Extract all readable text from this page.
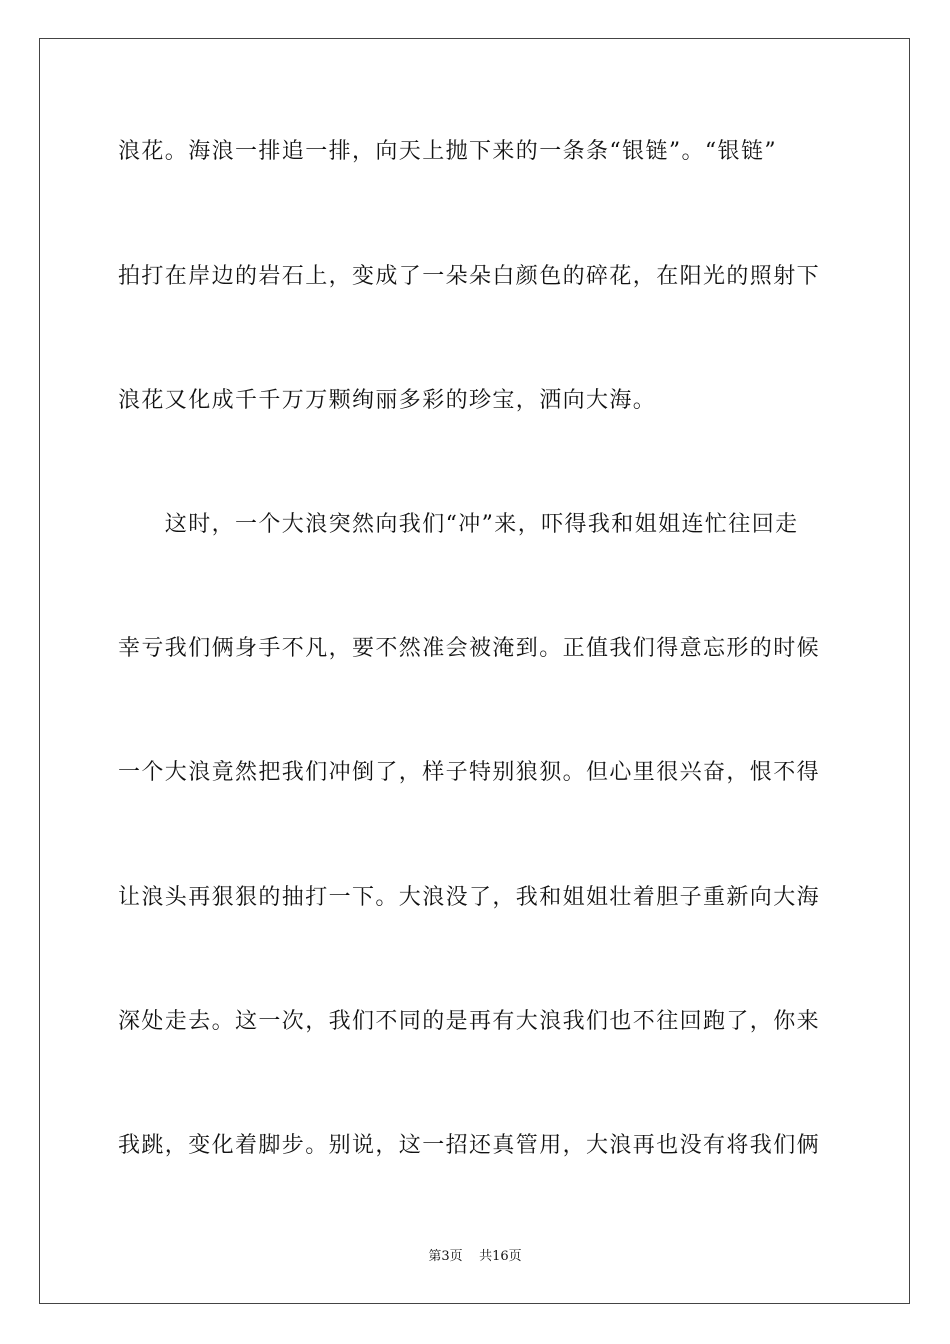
浪花。海浪一排追一排，向天上抛下来的一条条“银链”。“银链”
拍打在岸边的岩石上，变成了一朵朵白颜色的碎花，在阳光的照射下
浪花又化成千千万万颗绚丽多彩的珍宝，洒向大海。
　　这时，一个大浪突然向我们“冲”来，吓得我和姐姐连忙往回走
幸亏我们俩身手不凡，要不然准会被淹到。正值我们得意忘形的时候
一个大浪竟然把我们冲倒了，样子特别狼狈。但心里很兴奋，恨不得
让浪头再狠狠的抽打一下。大浪没了，我和姐姐壮着胆子重新向大海
深处走去。这一次，我们不同的是再有大浪我们也不往回跑了，你来
我跳，变化着脚步。别说，这一招还真管用，大浪再也没有将我们俩
第3页 共16页
